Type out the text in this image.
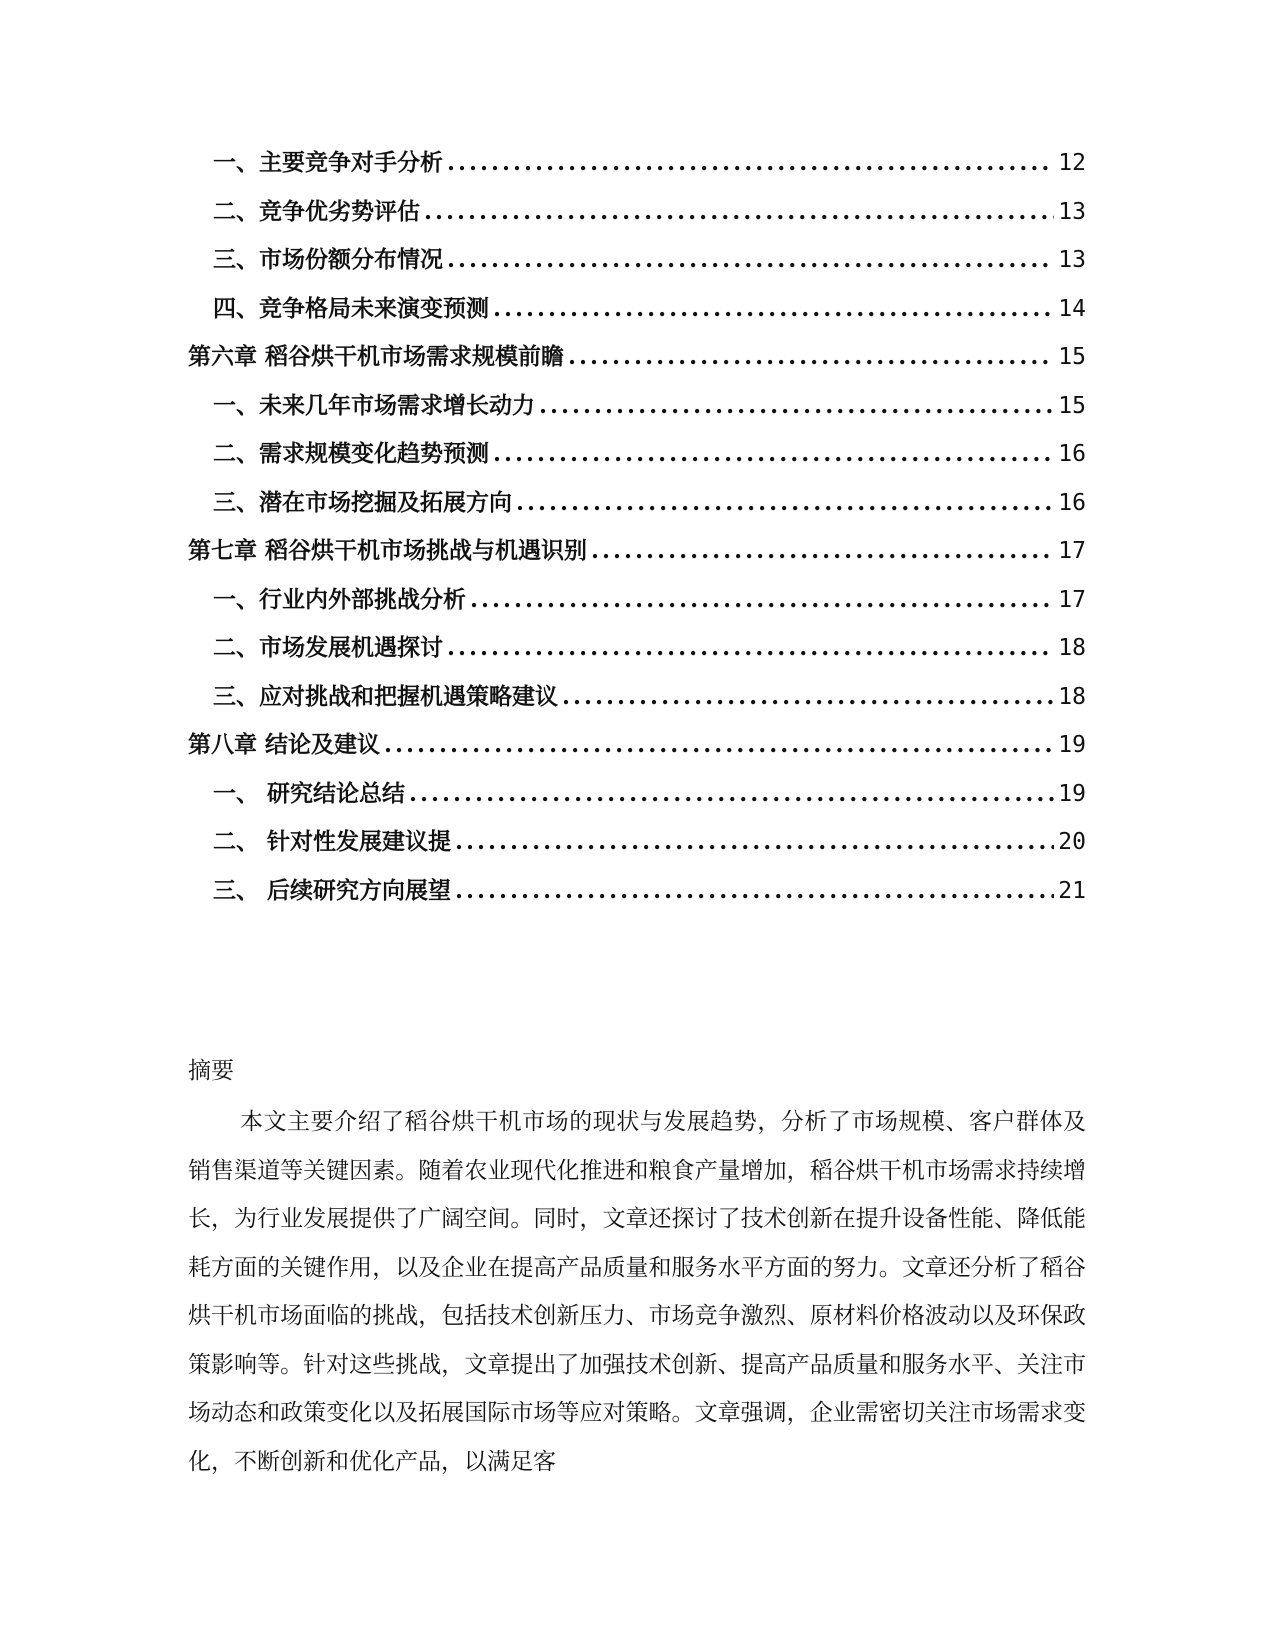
一、主要竞争对手分析 .....	12
二、竞争优劣势评估 .....	13
三、市场份额分布情况 .....	13
四、竞争格局未来演变预测 .....	14
第六章 稻谷烘干机市场需求规模前瞻 .....	15
一、未来几年市场需求增长动力 .....	15
二、需求规模变化趋势预测 .....	16
三、潜在市场挖掘及拓展方向 .....	16
第七章 稻谷烘干机市场挑战与机遇识别 .....	17
一、行业内外部挑战分析 .....	17
二、市场发展机遇探讨 .....	18
三、应对挑战和把握机遇策略建议 .....	18
第八章 结论及建议 .....	19
一、 研究结论总结 .....	19
二、 针对性发展建议提 .....	20
三、 后续研究方向展望 .....	21
摘要

本文主要介绍了稻谷烘干机市场的现状与发展趋势，分析了市场规模、客户群体及销售渠道等关键因素。随着农业现代化推进和粮食产量增加，稻谷烘干机市场需求持续增长，为行业发展提供了广阔空间。同时，文章还探讨了技术创新在提升设备性能、降低能耗方面的关键作用，以及企业在提高产品质量和服务水平方面的努力。文章还分析了稻谷烘干机市场面临的挑战，包括技术创新压力、市场竞争激烈、原材料价格波动以及环保政策影响等。针对这些挑战，文章提出了加强技术创新、提高产品质量和服务水平、关注市场动态和政策变化以及拓展国际市场等应对策略。文章强调，企业需密切关注市场需求变化，不断创新和优化产品，以满足客
